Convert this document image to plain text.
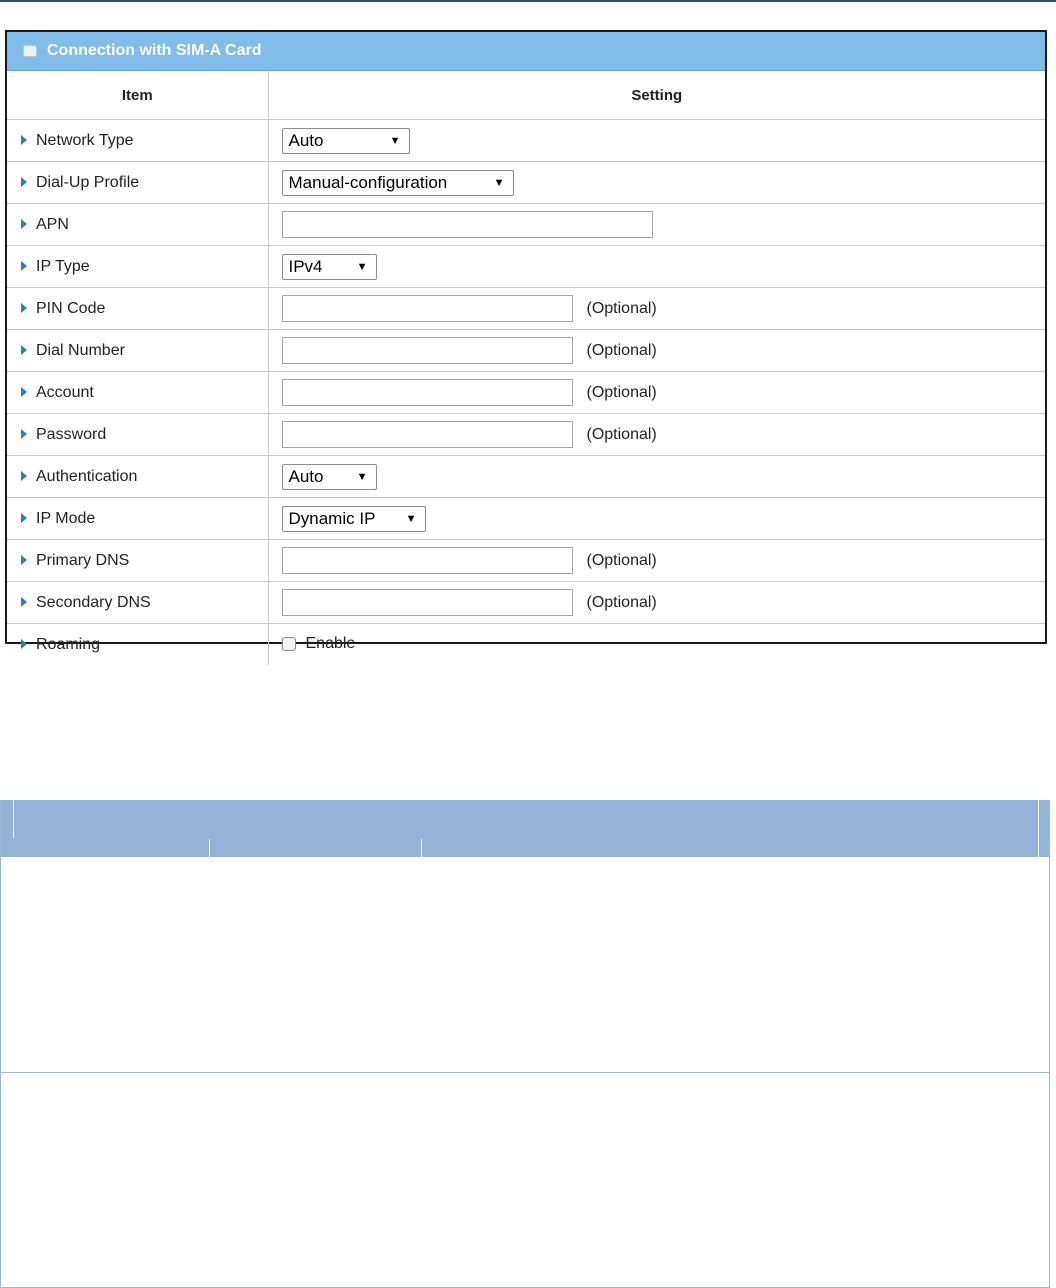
Connection with SIM-A Card
Item	Setting
Network Type	Auto ▼

Dial-Up Profile	Manual-configuration ▼

APN	
IP Type	IPv4 ▼

PIN Code	(Optional)
Dial Number	(Optional)
Account	(Optional)
Password	(Optional)
Authentication	Auto ▼

IP Mode	Dynamic IP ▼

Primary DNS	(Optional)
Secondary DNS	(Optional)
Roaming	Enable
